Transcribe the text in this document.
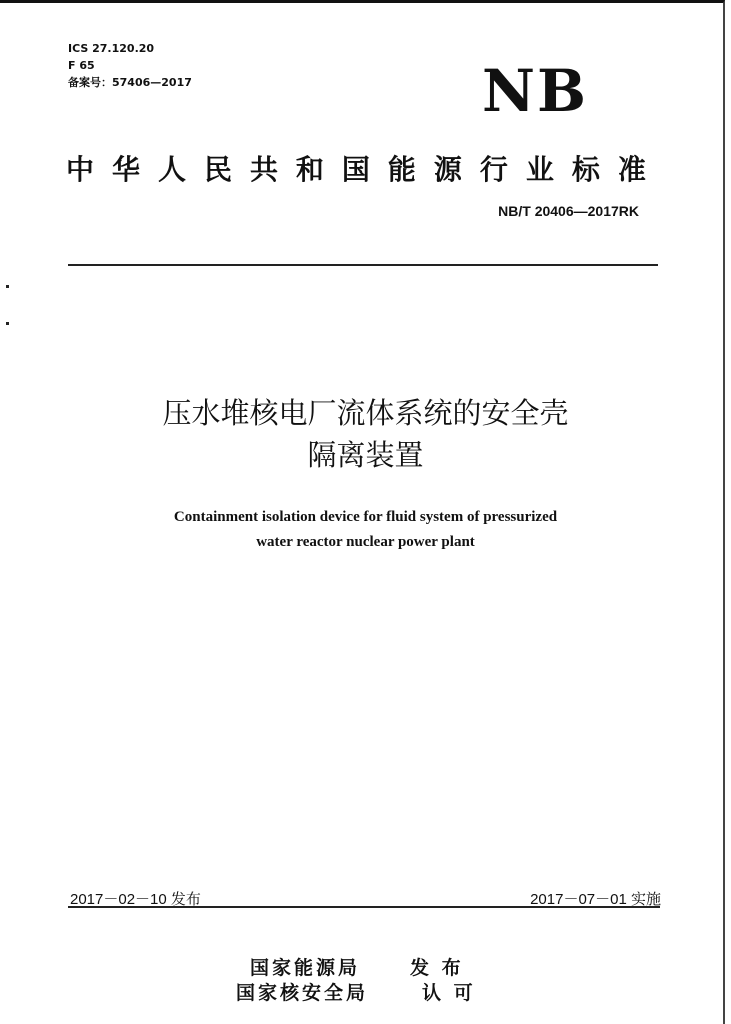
ICS 27.120.20
F 65
备案号：57406—2017	NB
中 华 人 民 共 和 国 能 源 行 业 标 准
NB/T 20406—2017RK
压水堆核电厂流体系统的安全壳
隔离装置
Containment isolation device for fluid system of pressurized
water reactor nuclear power plant
2017－02－10 发布	2017－07－01 实施
国家能源局	发 布
国家核安全局	认 可
